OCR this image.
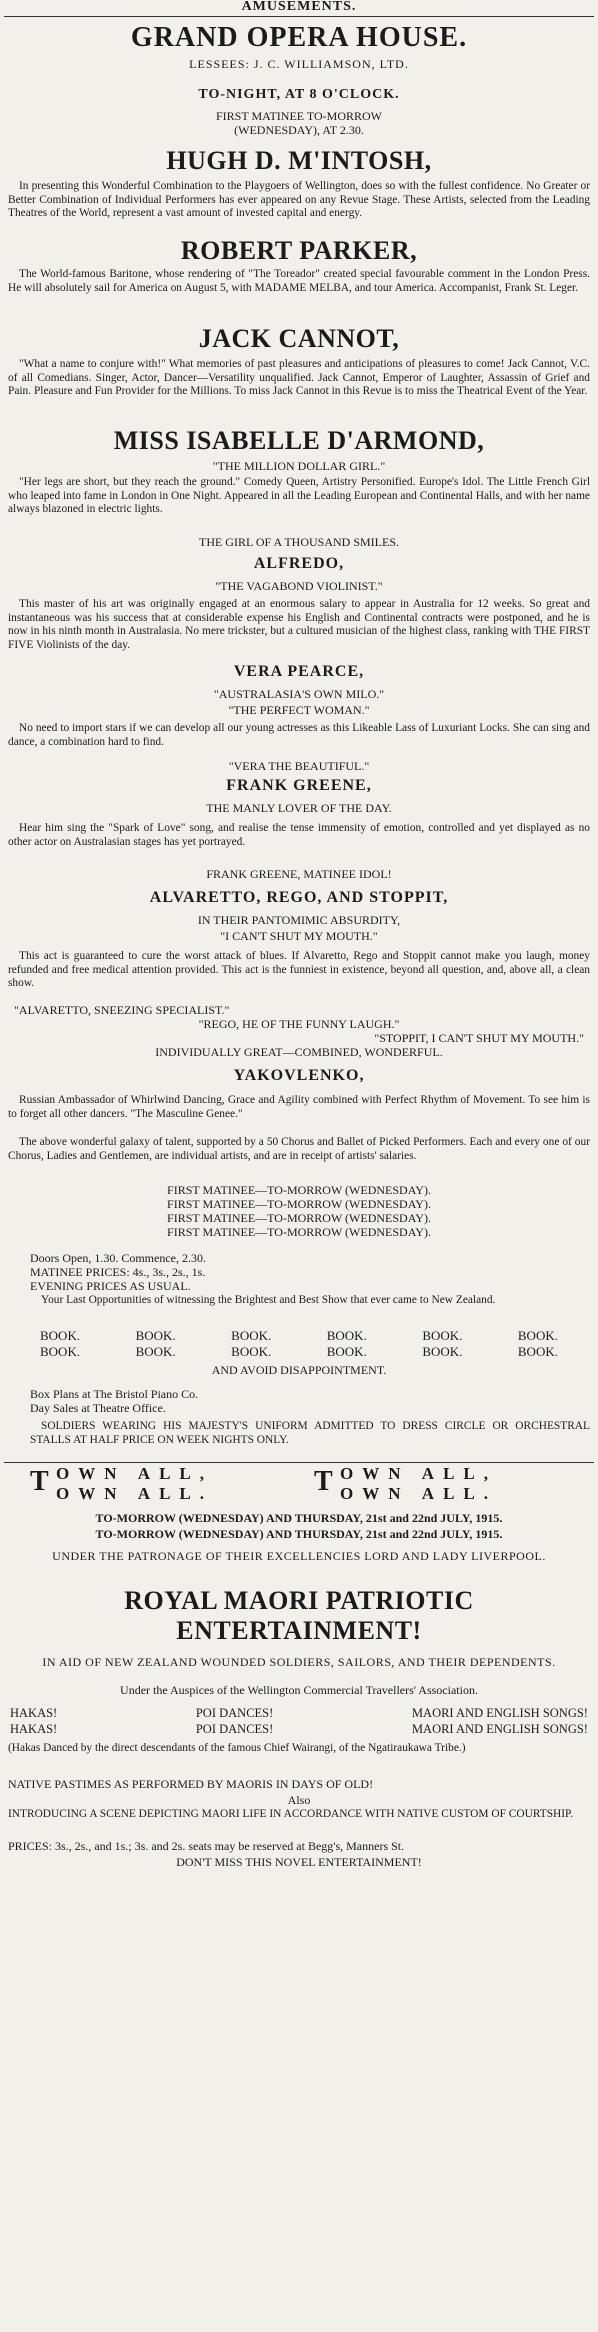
AMUSEMENTS.
GRAND OPERA HOUSE.
LESSEES: J. C. WILLIAMSON, LTD.
TO-NIGHT, AT 8 O'CLOCK.
FIRST MATINEE TO-MORROW
(WEDNESDAY), AT 2.30.
HUGH D. M'INTOSH,
In presenting this Wonderful Combination to the Playgoers of Wellington, does so with the fullest confidence. No Greater or Better Combination of Individual Performers has ever appeared on any Revue Stage. These Artists, selected from the Leading Theatres of the World, represent a vast amount of invested capital and energy.
ROBERT PARKER,
The World-famous Baritone, whose rendering of "The Toreador" created special favourable comment in the London Press. He will absolutely sail for America on August 5, with MADAME MELBA, and tour America. Accompanist, Frank St. Leger.
JACK CANNOT,
"What a name to conjure with!" What memories of past pleasures and anticipations of pleasures to come! Jack Cannot, V.C. of all Comedians. Singer, Actor, Dancer—Versatility unqualified. Jack Cannot, Emperor of Laughter, Assassin of Grief and Pain. Pleasure and Fun Provider for the Millions. To miss Jack Cannot in this Revue is to miss the Theatrical Event of the Year.
MISS ISABELLE D'ARMOND,
"THE MILLION DOLLAR GIRL."
"Her legs are short, but they reach the ground." Comedy Queen, Artistry Personified. Europe's Idol. The Little French Girl who leaped into fame in London in One Night. Appeared in all the Leading European and Continental Halls, and with her name always blazoned in electric lights.
THE GIRL OF A THOUSAND SMILES.
ALFREDO,
"THE VAGABOND VIOLINIST."
This master of his art was originally engaged at an enormous salary to appear in Australia for 12 weeks. So great and instantaneous was his success that at considerable expense his English and Continental contracts were postponed, and he is now in his ninth month in Australasia. No mere trickster, but a cultured musician of the highest class, ranking with THE FIRST FIVE Violinists of the day.
VERA PEARCE,
"AUSTRALASIA'S OWN MILO."
"THE PERFECT WOMAN."
No need to import stars if we can develop all our young actresses as this Likeable Lass of Luxuriant Locks. She can sing and dance, a combination hard to find.
"VERA THE BEAUTIFUL."
FRANK GREENE,
THE MANLY LOVER OF THE DAY.
Hear him sing the "Spark of Love" song, and realise the tense immensity of emotion, controlled and yet displayed as no other actor on Australasian stages has yet portrayed.
FRANK GREENE, MATINEE IDOL!
ALVARETTO, REGO, AND STOPPIT,
IN THEIR PANTOMIMIC ABSURDITY,
"I CAN'T SHUT MY MOUTH."
This act is guaranteed to cure the worst attack of blues. If Alvaretto, Rego and Stoppit cannot make you laugh, money refunded and free medical attention provided. This act is the funniest in existence, beyond all question, and, above all, a clean show.
"ALVARETTO, SNEEZING SPECIALIST."
"REGO, HE OF THE FUNNY LAUGH."
"STOPPIT, I CAN'T SHUT MY MOUTH."
INDIVIDUALLY GREAT—COMBINED, WONDERFUL.
YAKOVLENKO,
Russian Ambassador of Whirlwind Dancing, Grace and Agility combined with Perfect Rhythm of Movement. To see him is to forget all other dancers. "The Masculine Genee."
The above wonderful galaxy of talent, supported by a 50 Chorus and Ballet of Picked Performers. Each and every one of our Chorus, Ladies and Gentlemen, are individual artists, and are in receipt of artists' salaries.
FIRST MATINEE—TO-MORROW (WEDNESDAY).
FIRST MATINEE—TO-MORROW (WEDNESDAY).
FIRST MATINEE—TO-MORROW (WEDNESDAY).
FIRST MATINEE—TO-MORROW (WEDNESDAY).
Doors Open, 1.30. Commence, 2.30.
MATINEE PRICES: 4s., 3s., 2s., 1s.
EVENING PRICES AS USUAL.
Your Last Opportunities of witnessing the Brightest and Best Show that ever came to New Zealand.
BOOK.	BOOK.	BOOK.	BOOK.	BOOK.	BOOK.
BOOK.	BOOK.	BOOK.	BOOK.	BOOK.	BOOK.
AND AVOID DISAPPOINTMENT.
Box Plans at The Bristol Piano Co.
Day Sales at Theatre Office.
SOLDIERS WEARING HIS MAJESTY'S UNIFORM ADMITTED TO DRESS CIRCLE OR ORCHESTRAL STALLS AT HALF PRICE ON WEEK NIGHTS ONLY.
T OWN ALL,
OWN ALL.	T OWN ALL,
OWN ALL.
TO-MORROW (WEDNESDAY) AND THURSDAY, 21st and 22nd JULY, 1915.
TO-MORROW (WEDNESDAY) AND THURSDAY, 21st and 22nd JULY, 1915.
UNDER THE PATRONAGE OF THEIR EXCELLENCIES LORD AND LADY LIVERPOOL.
ROYAL MAORI PATRIOTIC
ENTERTAINMENT!
IN AID OF NEW ZEALAND WOUNDED SOLDIERS, SAILORS, AND THEIR DEPENDENTS.
Under the Auspices of the Wellington Commercial Travellers' Association.
HAKAS!	POI DANCES!	MAORI AND ENGLISH SONGS!
HAKAS!	POI DANCES!	MAORI AND ENGLISH SONGS!
(Hakas Danced by the direct descendants of the famous Chief Wairangi, of the Ngatiraukawa Tribe.)
NATIVE PASTIMES AS PERFORMED BY MAORIS IN DAYS OF OLD!
Also
INTRODUCING A SCENE DEPICTING MAORI LIFE IN ACCORDANCE WITH NATIVE CUSTOM OF COURTSHIP.
PRICES: 3s., 2s., and 1s.; 3s. and 2s. seats may be reserved at Begg's, Manners St.
DON'T MISS THIS NOVEL ENTERTAINMENT!
